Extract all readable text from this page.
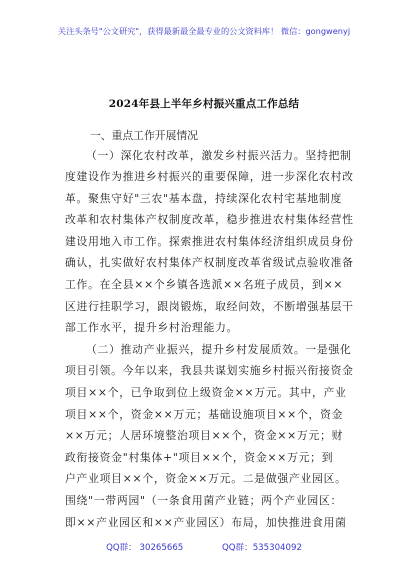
关注头条号"公文研究"，获得最新最全最专业的公文资料库！ 微信：gongwenyj
2024年县上半年乡村振兴重点工作总结
一、重点工作开展情况
（一）深化农村改革，激发乡村振兴活力。坚持把制
度建设作为推进乡村振兴的重要保障，进一步深化农村改
革。聚焦守好"三农"基本盘，持续深化农村宅基地制度
改革和农村集体产权制度改革，稳步推进农村集体经营性
建设用地入市工作。探索推进农村集体经济组织成员身份
确认，扎实做好农村集体产权制度改革省级试点验收准备
工作。在全县××个乡镇各选派××名班子成员，到××
区进行挂职学习，跟岗锻炼，取经问效，不断增强基层干
部工作水平，提升乡村治理能力。
（二）推动产业振兴，提升乡村发展质效。一是强化
项目引领。今年以来，我县共谋划实施乡村振兴衔接资金
项目××个，已争取到位上级资金××万元。其中，产业
项目××个，资金××万元；基础设施项目××个，资金
××万元；人居环境整治项目××个，资金××万元；财
政衔接资金"村集体+"项目××个，资金××万元；到
户产业项目××个，资金××万元。二是做强产业园区。
围绕"一带两园"（一条食用菌产业链；两个产业园区：
即××产业园区和××产业园区）布局，加快推进食用菌
QQ群： 30265665	QQ群：535304092
